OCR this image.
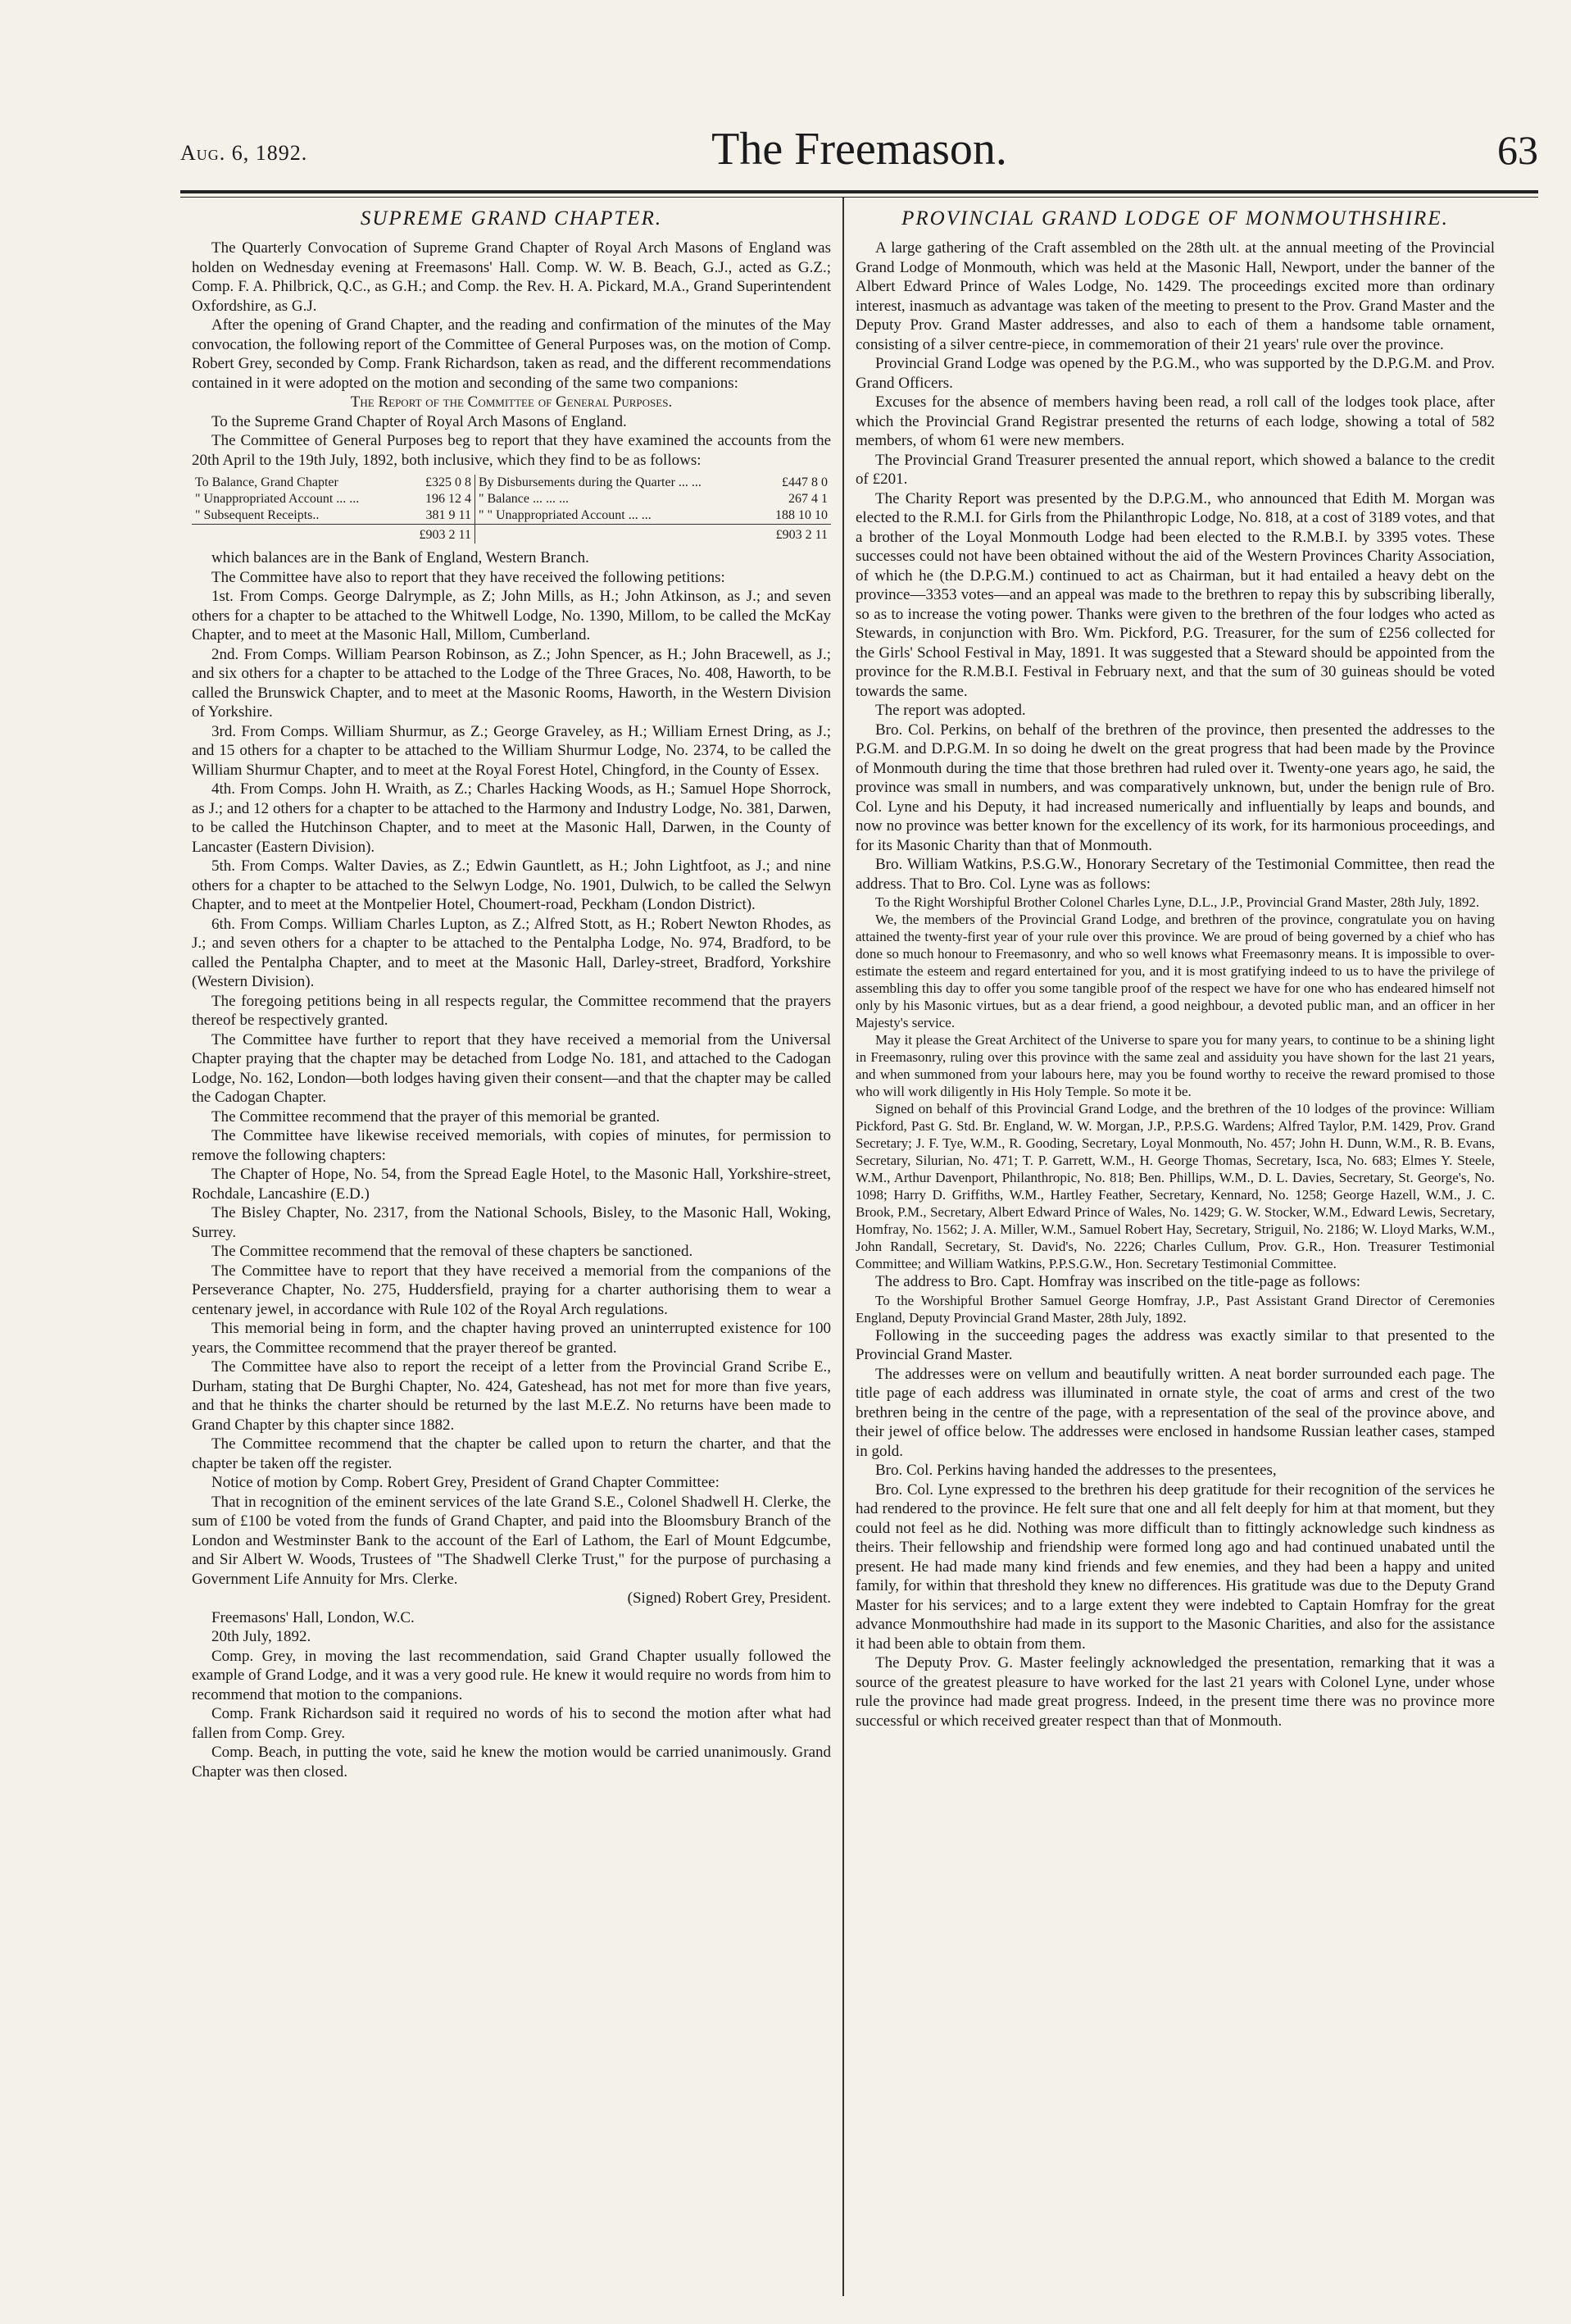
Aug. 6, 1892.	The Freemason.	63
SUPREME GRAND CHAPTER.

The Quarterly Convocation of Supreme Grand Chapter of Royal Arch Masons of England was holden on Wednesday evening at Freemasons' Hall. Comp. W. W. B. Beach, G.J., acted as G.Z.; Comp. F. A. Philbrick, Q.C., as G.H.; and Comp. the Rev. H. A. Pickard, M.A., Grand Superintendent Oxfordshire, as G.J.

After the opening of Grand Chapter, and the reading and confirmation of the minutes of the May convocation, the following report of the Committee of General Purposes was, on the motion of Comp. Robert Grey, seconded by Comp. Frank Richardson, taken as read, and the different recommendations contained in it were adopted on the motion and seconding of the same two companions:

The Report of the Committee of General Purposes.

To the Supreme Grand Chapter of Royal Arch Masons of England.

The Committee of General Purposes beg to report that they have examined the accounts from the 20th April to the 19th July, 1892, both inclusive, which they find to be as follows:

To Balance, Grand Chapter	£325 0 8	By Disbursements during the Quarter ... ...	£447 8 0
" Unappropriated Account ... ...	196 12 4	" Balance ... ... ...	267 4 1
" Subsequent Receipts..	381 9 11	" " Unappropriated Account ... ...	188 10 10
	£903 2 11		£903 2 11

which balances are in the Bank of England, Western Branch.

The Committee have also to report that they have received the following petitions:

1st. From Comps. George Dalrymple, as Z; John Mills, as H.; John Atkinson, as J.; and seven others for a chapter to be attached to the Whitwell Lodge, No. 1390, Millom, to be called the McKay Chapter, and to meet at the Masonic Hall, Millom, Cumberland.

2nd. From Comps. William Pearson Robinson, as Z.; John Spencer, as H.; John Bracewell, as J.; and six others for a chapter to be attached to the Lodge of the Three Graces, No. 408, Haworth, to be called the Brunswick Chapter, and to meet at the Masonic Rooms, Haworth, in the Western Division of Yorkshire.

3rd. From Comps. William Shurmur, as Z.; George Graveley, as H.; William Ernest Dring, as J.; and 15 others for a chapter to be attached to the William Shurmur Lodge, No. 2374, to be called the William Shurmur Chapter, and to meet at the Royal Forest Hotel, Chingford, in the County of Essex.

4th. From Comps. John H. Wraith, as Z.; Charles Hacking Woods, as H.; Samuel Hope Shorrock, as J.; and 12 others for a chapter to be attached to the Harmony and Industry Lodge, No. 381, Darwen, to be called the Hutchinson Chapter, and to meet at the Masonic Hall, Darwen, in the County of Lancaster (Eastern Division).

5th. From Comps. Walter Davies, as Z.; Edwin Gauntlett, as H.; John Lightfoot, as J.; and nine others for a chapter to be attached to the Selwyn Lodge, No. 1901, Dulwich, to be called the Selwyn Chapter, and to meet at the Montpelier Hotel, Choumert-road, Peckham (London District).

6th. From Comps. William Charles Lupton, as Z.; Alfred Stott, as H.; Robert Newton Rhodes, as J.; and seven others for a chapter to be attached to the Pentalpha Lodge, No. 974, Bradford, to be called the Pentalpha Chapter, and to meet at the Masonic Hall, Darley-street, Bradford, Yorkshire (Western Division).

The foregoing petitions being in all respects regular, the Committee recommend that the prayers thereof be respectively granted.

The Committee have further to report that they have received a memorial from the Universal Chapter praying that the chapter may be detached from Lodge No. 181, and attached to the Cadogan Lodge, No. 162, London—both lodges having given their consent—and that the chapter may be called the Cadogan Chapter.

The Committee recommend that the prayer of this memorial be granted.

The Committee have likewise received memorials, with copies of minutes, for permission to remove the following chapters:

The Chapter of Hope, No. 54, from the Spread Eagle Hotel, to the Masonic Hall, Yorkshire-street, Rochdale, Lancashire (E.D.)

The Bisley Chapter, No. 2317, from the National Schools, Bisley, to the Masonic Hall, Woking, Surrey.

The Committee recommend that the removal of these chapters be sanctioned.

The Committee have to report that they have received a memorial from the companions of the Perseverance Chapter, No. 275, Huddersfield, praying for a charter authorising them to wear a centenary jewel, in accordance with Rule 102 of the Royal Arch regulations.

This memorial being in form, and the chapter having proved an uninterrupted existence for 100 years, the Committee recommend that the prayer thereof be granted.

The Committee have also to report the receipt of a letter from the Provincial Grand Scribe E., Durham, stating that De Burghi Chapter, No. 424, Gateshead, has not met for more than five years, and that he thinks the charter should be returned by the last M.E.Z. No returns have been made to Grand Chapter by this chapter since 1882.

The Committee recommend that the chapter be called upon to return the charter, and that the chapter be taken off the register.

Notice of motion by Comp. Robert Grey, President of Grand Chapter Committee:

That in recognition of the eminent services of the late Grand S.E., Colonel Shadwell H. Clerke, the sum of £100 be voted from the funds of Grand Chapter, and paid into the Bloomsbury Branch of the London and Westminster Bank to the account of the Earl of Lathom, the Earl of Mount Edgcumbe, and Sir Albert W. Woods, Trustees of "The Shadwell Clerke Trust," for the purpose of purchasing a Government Life Annuity for Mrs. Clerke.

(Signed) Robert Grey, President.

Freemasons' Hall, London, W.C.

20th July, 1892.

Comp. Grey, in moving the last recommendation, said Grand Chapter usually followed the example of Grand Lodge, and it was a very good rule. He knew it would require no words from him to recommend that motion to the companions.

Comp. Frank Richardson said it required no words of his to second the motion after what had fallen from Comp. Grey.

Comp. Beach, in putting the vote, said he knew the motion would be carried unanimously. Grand Chapter was then closed.

PROVINCIAL GRAND LODGE OF MONMOUTHSHIRE.

A large gathering of the Craft assembled on the 28th ult. at the annual meeting of the Provincial Grand Lodge of Monmouth, which was held at the Masonic Hall, Newport, under the banner of the Albert Edward Prince of Wales Lodge, No. 1429. The proceedings excited more than ordinary interest, inasmuch as advantage was taken of the meeting to present to the Prov. Grand Master and the Deputy Prov. Grand Master addresses, and also to each of them a handsome table ornament, consisting of a silver centre-piece, in commemoration of their 21 years' rule over the province.

Provincial Grand Lodge was opened by the P.G.M., who was supported by the D.P.G.M. and Prov. Grand Officers.

Excuses for the absence of members having been read, a roll call of the lodges took place, after which the Provincial Grand Registrar presented the returns of each lodge, showing a total of 582 members, of whom 61 were new members.

The Provincial Grand Treasurer presented the annual report, which showed a balance to the credit of £201.

The Charity Report was presented by the D.P.G.M., who announced that Edith M. Morgan was elected to the R.M.I. for Girls from the Philanthropic Lodge, No. 818, at a cost of 3189 votes, and that a brother of the Loyal Monmouth Lodge had been elected to the R.M.B.I. by 3395 votes. These successes could not have been obtained without the aid of the Western Provinces Charity Association, of which he (the D.P.G.M.) continued to act as Chairman, but it had entailed a heavy debt on the province—3353 votes—and an appeal was made to the brethren to repay this by subscribing liberally, so as to increase the voting power. Thanks were given to the brethren of the four lodges who acted as Stewards, in conjunction with Bro. Wm. Pickford, P.G. Treasurer, for the sum of £256 collected for the Girls' School Festival in May, 1891. It was suggested that a Steward should be appointed from the province for the R.M.B.I. Festival in February next, and that the sum of 30 guineas should be voted towards the same.

The report was adopted.

Bro. Col. Perkins, on behalf of the brethren of the province, then presented the addresses to the P.G.M. and D.P.G.M. In so doing he dwelt on the great progress that had been made by the Province of Monmouth during the time that those brethren had ruled over it. Twenty-one years ago, he said, the province was small in numbers, and was comparatively unknown, but, under the benign rule of Bro. Col. Lyne and his Deputy, it had increased numerically and influentially by leaps and bounds, and now no province was better known for the excellency of its work, for its harmonious proceedings, and for its Masonic Charity than that of Monmouth.

Bro. William Watkins, P.S.G.W., Honorary Secretary of the Testimonial Committee, then read the address. That to Bro. Col. Lyne was as follows:

To the Right Worshipful Brother Colonel Charles Lyne, D.L., J.P., Provincial Grand Master, 28th July, 1892.

We, the members of the Provincial Grand Lodge, and brethren of the province, congratulate you on having attained the twenty-first year of your rule over this province. We are proud of being governed by a chief who has done so much honour to Freemasonry, and who so well knows what Freemasonry means. It is impossible to over-estimate the esteem and regard entertained for you, and it is most gratifying indeed to us to have the privilege of assembling this day to offer you some tangible proof of the respect we have for one who has endeared himself not only by his Masonic virtues, but as a dear friend, a good neighbour, a devoted public man, and an officer in her Majesty's service.

May it please the Great Architect of the Universe to spare you for many years, to continue to be a shining light in Freemasonry, ruling over this province with the same zeal and assiduity you have shown for the last 21 years, and when summoned from your labours here, may you be found worthy to receive the reward promised to those who will work diligently in His Holy Temple. So mote it be.

Signed on behalf of this Provincial Grand Lodge, and the brethren of the 10 lodges of the province: William Pickford, Past G. Std. Br. England, W. W. Morgan, J.P., P.P.S.G. Wardens; Alfred Taylor, P.M. 1429, Prov. Grand Secretary; J. F. Tye, W.M., R. Gooding, Secretary, Loyal Monmouth, No. 457; John H. Dunn, W.M., R. B. Evans, Secretary, Silurian, No. 471; T. P. Garrett, W.M., H. George Thomas, Secretary, Isca, No. 683; Elmes Y. Steele, W.M., Arthur Davenport, Philanthropic, No. 818; Ben. Phillips, W.M., D. L. Davies, Secretary, St. George's, No. 1098; Harry D. Griffiths, W.M., Hartley Feather, Secretary, Kennard, No. 1258; George Hazell, W.M., J. C. Brook, P.M., Secretary, Albert Edward Prince of Wales, No. 1429; G. W. Stocker, W.M., Edward Lewis, Secretary, Homfray, No. 1562; J. A. Miller, W.M., Samuel Robert Hay, Secretary, Striguil, No. 2186; W. Lloyd Marks, W.M., John Randall, Secretary, St. David's, No. 2226; Charles Cullum, Prov. G.R., Hon. Treasurer Testimonial Committee; and William Watkins, P.P.S.G.W., Hon. Secretary Testimonial Committee.

The address to Bro. Capt. Homfray was inscribed on the title-page as follows:

To the Worshipful Brother Samuel George Homfray, J.P., Past Assistant Grand Director of Ceremonies England, Deputy Provincial Grand Master, 28th July, 1892.

Following in the succeeding pages the address was exactly similar to that presented to the Provincial Grand Master.

The addresses were on vellum and beautifully written. A neat border surrounded each page. The title page of each address was illuminated in ornate style, the coat of arms and crest of the two brethren being in the centre of the page, with a representation of the seal of the province above, and their jewel of office below. The addresses were enclosed in handsome Russian leather cases, stamped in gold.

Bro. Col. Perkins having handed the addresses to the presentees,

Bro. Col. Lyne expressed to the brethren his deep gratitude for their recognition of the services he had rendered to the province. He felt sure that one and all felt deeply for him at that moment, but they could not feel as he did. Nothing was more difficult than to fittingly acknowledge such kindness as theirs. Their fellowship and friendship were formed long ago and had continued unabated until the present. He had made many kind friends and few enemies, and they had been a happy and united family, for within that threshold they knew no differences. His gratitude was due to the Deputy Grand Master for his services; and to a large extent they were indebted to Captain Homfray for the great advance Monmouthshire had made in its support to the Masonic Charities, and also for the assistance it had been able to obtain from them.

The Deputy Prov. G. Master feelingly acknowledged the presentation, remarking that it was a source of the greatest pleasure to have worked for the last 21 years with Colonel Lyne, under whose rule the province had made great progress. Indeed, in the present time there was no province more successful or which received greater respect than that of Monmouth.
